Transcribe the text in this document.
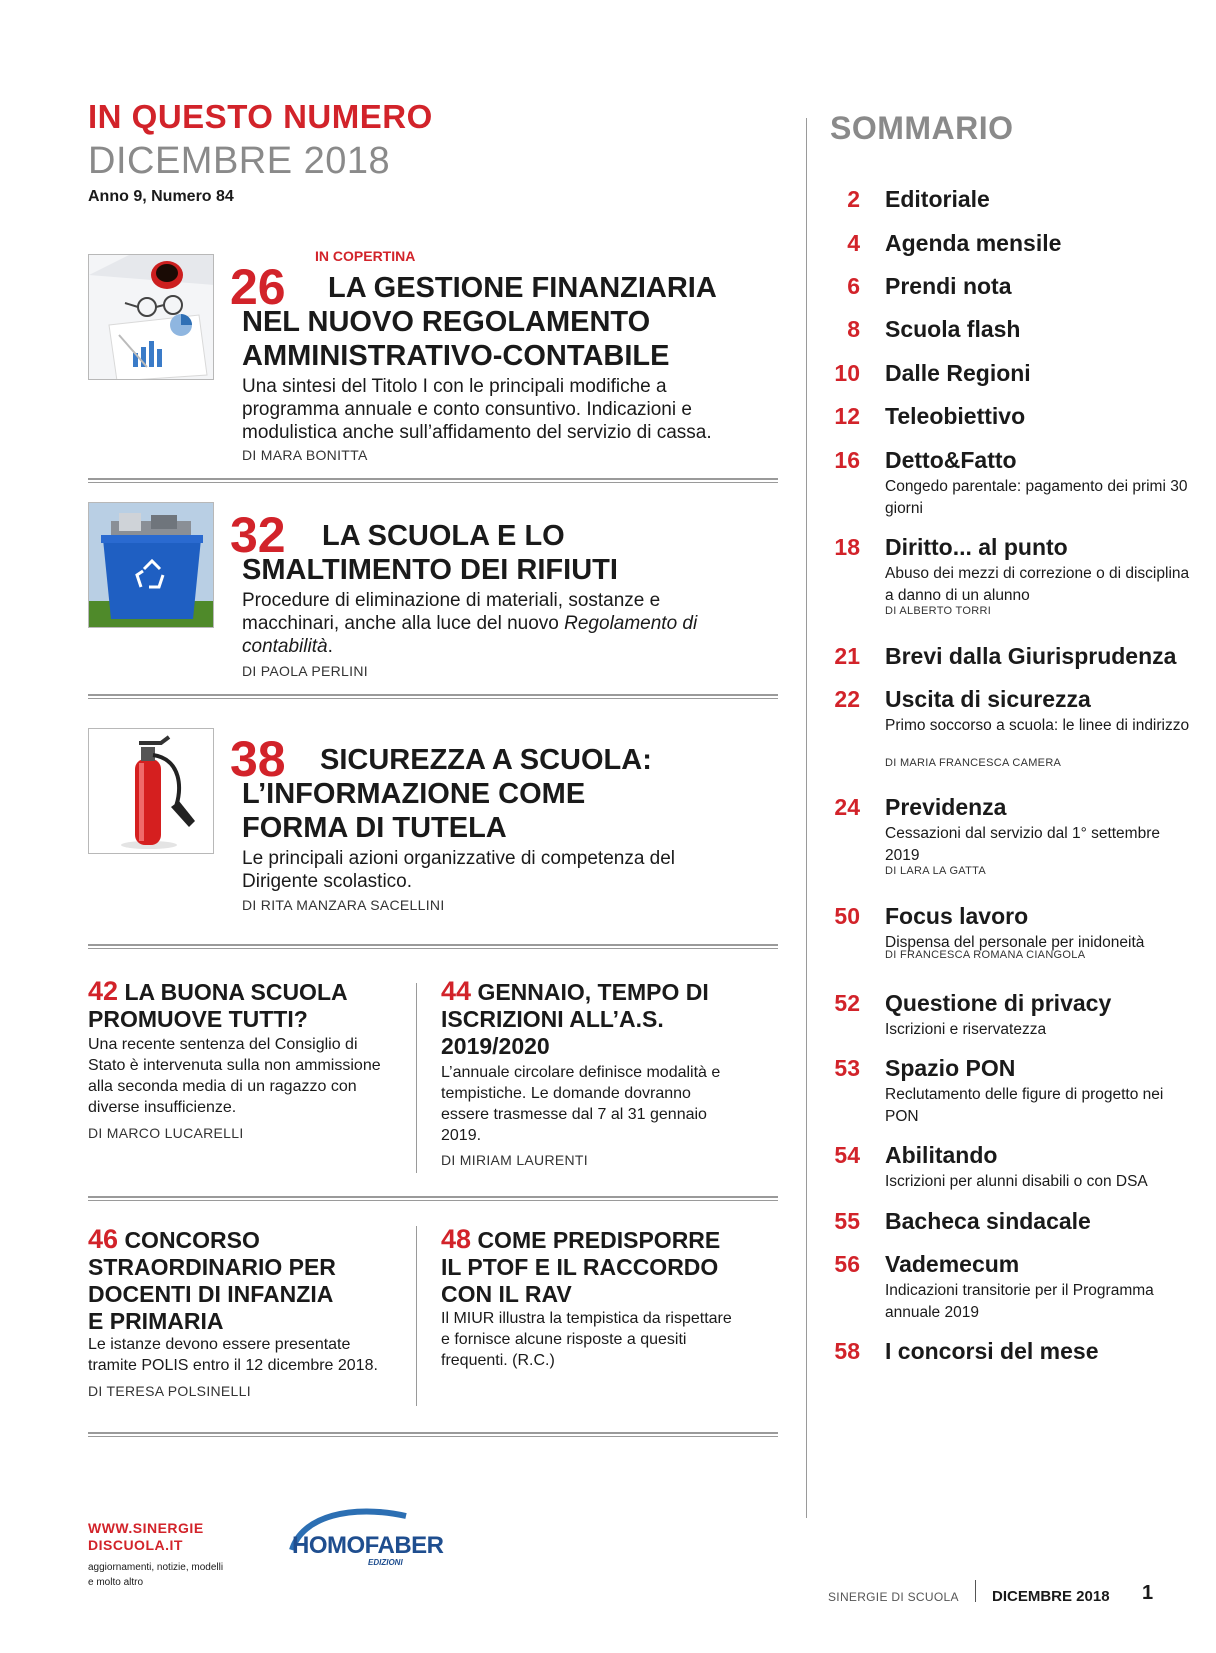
IN QUESTO NUMERO
DICEMBRE 2018
Anno 9, Numero 84
IN COPERTINA
26	LA GESTIONE FINANZIARIA
NEL NUOVO REGOLAMENTO
AMMINISTRATIVO-CONTABILE
Una sintesi del Titolo I con le principali modifiche a programma annuale e conto consuntivo. Indicazioni e modulistica anche sull’affidamento del servizio di cassa.
DI MARA BONITTA
32	LA SCUOLA E LO
SMALTIMENTO DEI RIFIUTI
Procedure di eliminazione di materiali, sostanze e macchinari, anche alla luce del nuovo Regolamento di contabilità.
DI PAOLA PERLINI
38	SICUREZZA A SCUOLA:
L’INFORMAZIONE COME
FORMA DI TUTELA
Le principali azioni organizzative di competenza del Dirigente scolastico.
DI RITA MANZARA SACELLINI
42 LA BUONA SCUOLA
PROMUOVE TUTTI?
Una recente sentenza del Consiglio di Stato è intervenuta sulla non ammissione alla seconda media di un ragazzo con diverse insufficienze.
DI MARCO LUCARELLI
44 GENNAIO, TEMPO DI
ISCRIZIONI ALL’A.S.
2019/2020
L’annuale circolare definisce modalità e tempistiche. Le domande dovranno essere trasmesse dal 7 al 31 gennaio 2019.
DI MIRIAM LAURENTI
46 CONCORSO
STRAORDINARIO PER
DOCENTI DI INFANZIA
E PRIMARIA
Le istanze devono essere presentate tramite POLIS entro il 12 dicembre 2018.
DI TERESA POLSINELLI
48 COME PREDISPORRE
IL PTOF E IL RACCORDO
CON IL RAV
Il MIUR illustra la tempistica da rispettare e fornisce alcune risposte a quesiti frequenti. (R.C.)
SOMMARIO
2 Editoriale
4 Agenda mensile
6 Prendi nota
8 Scuola flash
10 Dalle Regioni
12 Teleobiettivo
16 Detto&Fatto
Congedo parentale: pagamento dei primi 30 giorni
18 Diritto... al punto
Abuso dei mezzi di correzione o di disciplina a danno di un alunno
DI ALBERTO TORRI
21 Brevi dalla Giurisprudenza
22 Uscita di sicurezza
Primo soccorso a scuola: le linee di indirizzo
DI MARIA FRANCESCA CAMERA
24 Previdenza
Cessazioni dal servizio dal 1° settembre 2019
DI LARA LA GATTA
50 Focus lavoro
Dispensa del personale per inidoneità
DI FRANCESCA ROMANA CIANGOLA
52 Questione di privacy
Iscrizioni e riservatezza
53 Spazio PON
Reclutamento delle figure di progetto nei PON
54 Abilitando
Iscrizioni per alunni disabili o con DSA
55 Bacheca sindacale
56 Vademecum
Indicazioni transitorie per il Programma annuale 2019
58 I concorsi del mese
WWW.SINERGIE
DISCUOLA.IT
aggiornamenti, notizie, modelli
e molto altro
HOMOFABER
EDIZIONI
SINERGIE DI SCUOLA DICEMBRE 2018 1
